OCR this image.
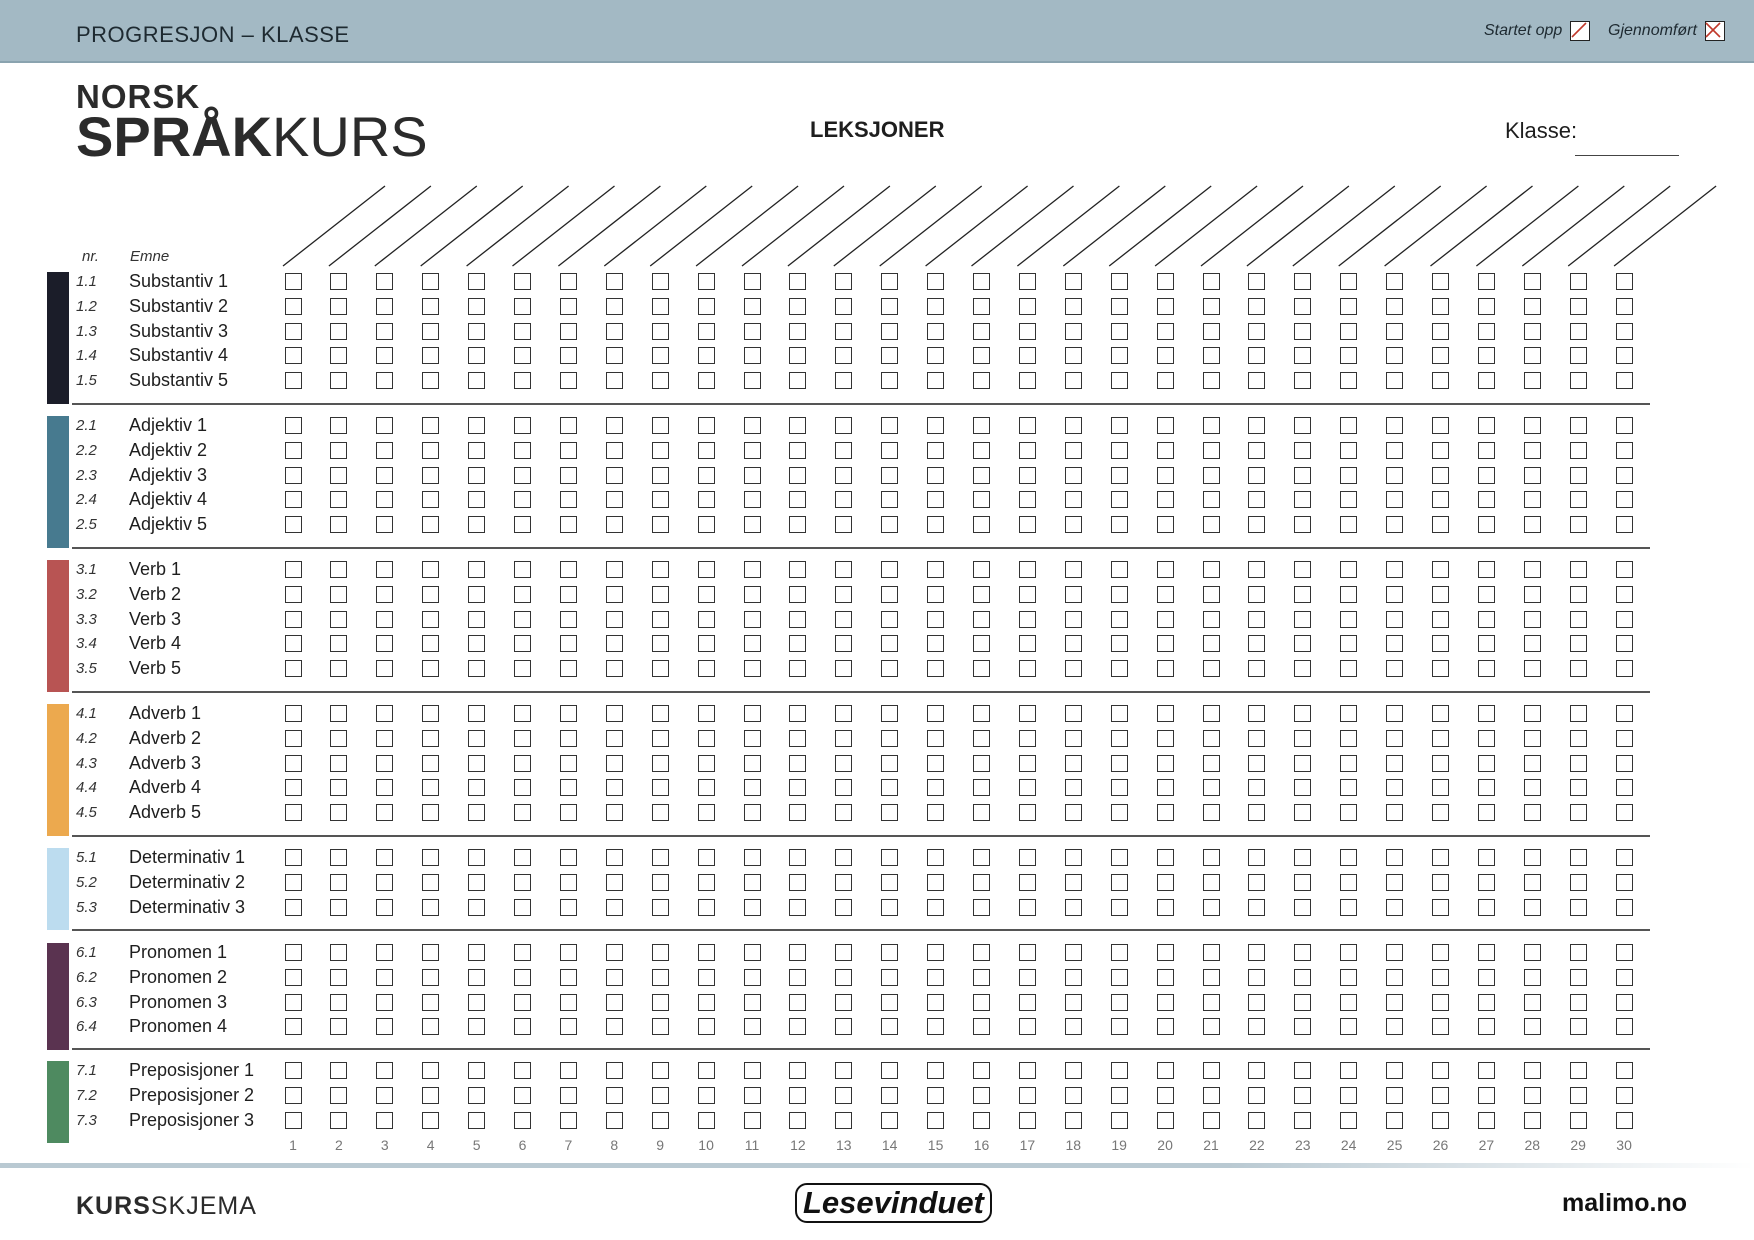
PROGRESJON – KLASSE	Startet opp	Gjennomført
NORSK
SPRÅKKURS	LEKSJONER	Klasse:
nr. Emne
1.1 Substantiv 1
1.2 Substantiv 2
1.3 Substantiv 3
1.4 Substantiv 4
1.5 Substantiv 5
2.1 Adjektiv 1
2.2 Adjektiv 2
2.3 Adjektiv 3
2.4 Adjektiv 4
2.5 Adjektiv 5
3.1 Verb 1
3.2 Verb 2
3.3 Verb 3
3.4 Verb 4
3.5 Verb 5
4.1 Adverb 1
4.2 Adverb 2
4.3 Adverb 3
4.4 Adverb 4
4.5 Adverb 5
5.1 Determinativ 1
5.2 Determinativ 2
5.3 Determinativ 3
6.1 Pronomen 1
6.2 Pronomen 2
6.3 Pronomen 3
6.4 Pronomen 4
7.1 Preposisjoner 1
7.2 Preposisjoner 2
7.3 Preposisjoner 3
1	2	3	4	5	6	7	8	9	10	11	12	13	14	15	16	17	18	19	20	21	22	23	24	25	26	27	28	29	30
KURSSKJEMA	Lesevinduet	malimo.no
